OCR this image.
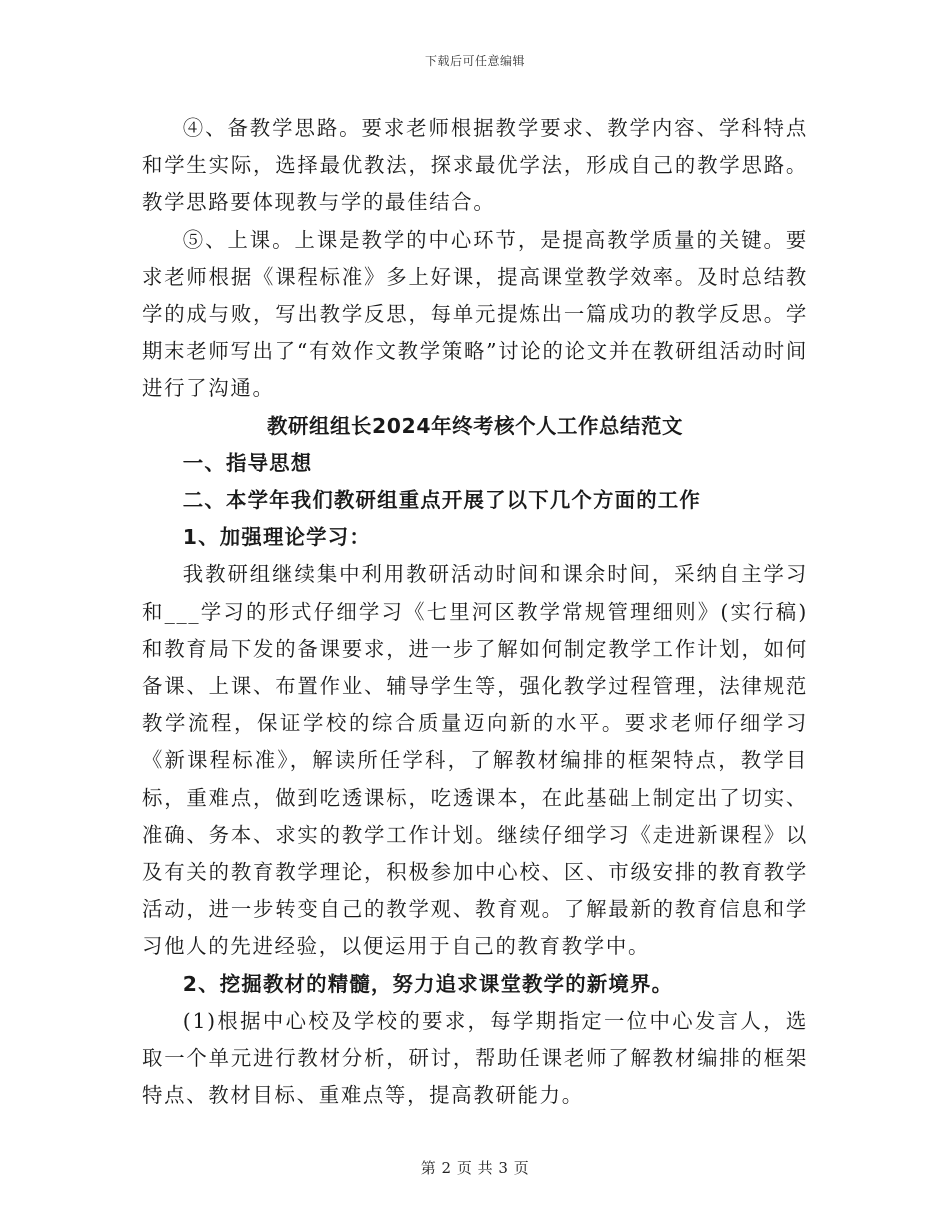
下载后可任意编辑

④、备教学思路。要求老师根据教学要求、教学内容、学科特点和学生实际，选择最优教法，探求最优学法，形成自己的教学思路。教学思路要体现教与学的最佳结合。

⑤、上课。上课是教学的中心环节，是提高教学质量的关键。要求老师根据《课程标准》多上好课，提高课堂教学效率。及时总结教学的成与败，写出教学反思，每单元提炼出一篇成功的教学反思。学期末老师写出了“有效作文教学策略”讨论的论文并在教研组活动时间进行了沟通。

教研组组长2024年终考核个人工作总结范文

一、指导思想

二、本学年我们教研组重点开展了以下几个方面的工作

1、加强理论学习：

我教研组继续集中利用教研活动时间和课余时间，采纳自主学习和___学习的形式仔细学习《七里河区教学常规管理细则》(实行稿)和教育局下发的备课要求，进一步了解如何制定教学工作计划，如何备课、上课、布置作业、辅导学生等，强化教学过程管理，法律规范教学流程，保证学校的综合质量迈向新的水平。要求老师仔细学习《新课程标准》，解读所任学科，了解教材编排的框架特点，教学目标，重难点，做到吃透课标，吃透课本，在此基础上制定出了切实、准确、务本、求实的教学工作计划。继续仔细学习《走进新课程》以及有关的教育教学理论，积极参加中心校、区、市级安排的教育教学活动，进一步转变自己的教学观、教育观。了解最新的教育信息和学习他人的先进经验，以便运用于自己的教育教学中。

2、挖掘教材的精髓，努力追求课堂教学的新境界。

(1)根据中心校及学校的要求，每学期指定一位中心发言人，选取一个单元进行教材分析，研讨，帮助任课老师了解教材编排的框架特点、教材目标、重难点等，提高教研能力。

第 2 页 共 3 页
